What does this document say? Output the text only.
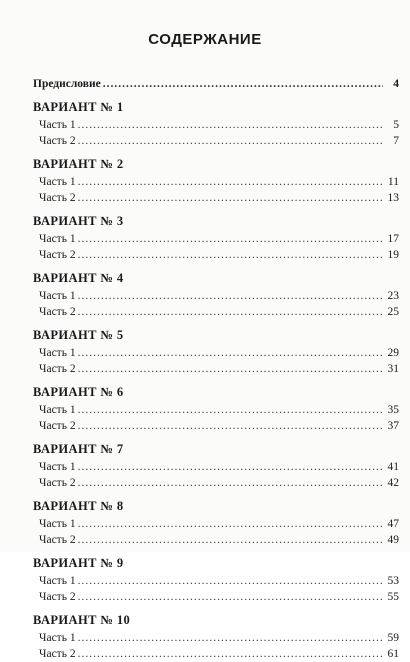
СОДЕРЖАНИЕ
Предисловие .....	4
ВАРИАНТ № 1
Часть 1 .....	5
Часть 2 .....	7
ВАРИАНТ № 2
Часть 1 .....	11
Часть 2 .....	13
ВАРИАНТ № 3
Часть 1 .....	17
Часть 2 .....	19
ВАРИАНТ № 4
Часть 1 .....	23
Часть 2 .....	25
ВАРИАНТ № 5
Часть 1 .....	29
Часть 2 .....	31
ВАРИАНТ № 6
Часть 1 .....	35
Часть 2 .....	37
ВАРИАНТ № 7
Часть 1 .....	41
Часть 2 .....	42
ВАРИАНТ № 8
Часть 1 .....	47
Часть 2 .....	49
ВАРИАНТ № 9
Часть 1 .....	53
Часть 2 .....	55
ВАРИАНТ № 10
Часть 1 .....	59
Часть 2 .....	61
